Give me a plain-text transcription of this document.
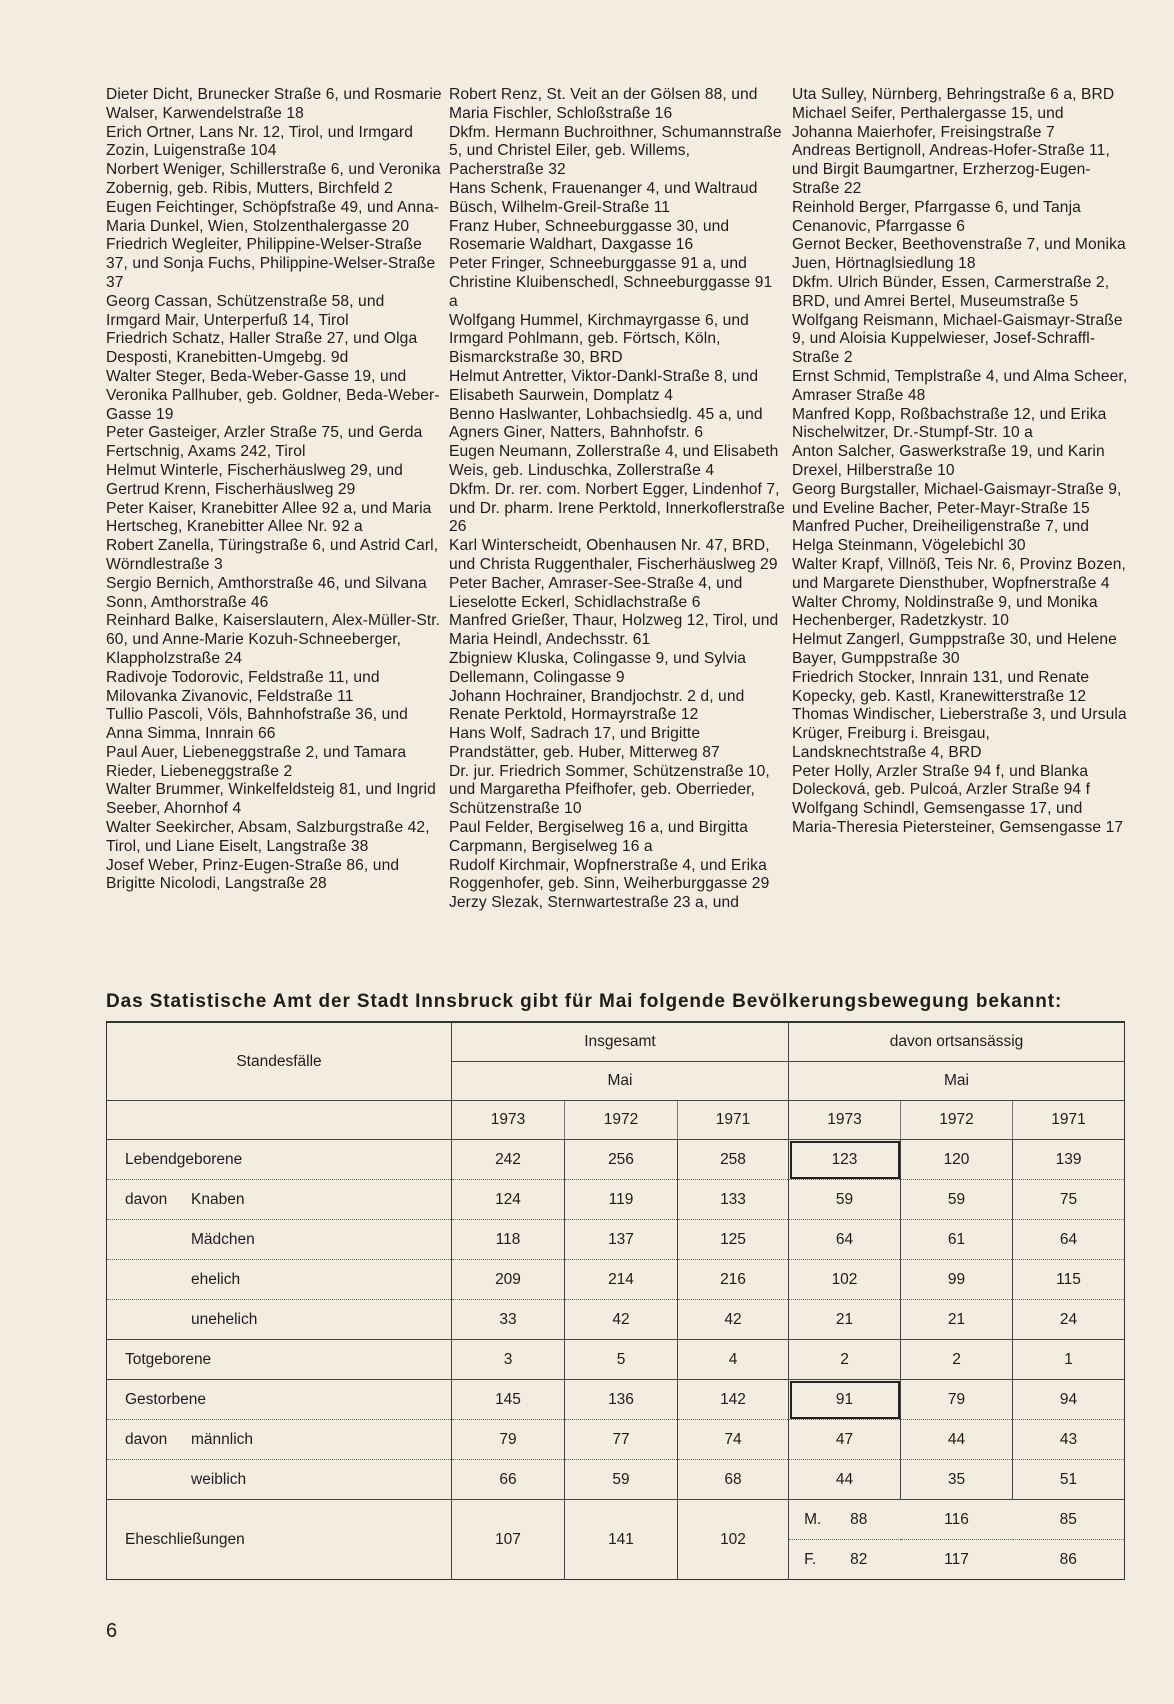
Dieter Dicht, Brunecker Straße 6, und Rosmarie Walser, Karwendelstraße 18
Erich Ortner, Lans Nr. 12, Tirol, und Irmgard Zozin, Luigenstraße 104
Norbert Weniger, Schillerstraße 6, und Veronika Zobernig, geb. Ribis, Mutters, Birchfeld 2
Eugen Feichtinger, Schöpfstraße 49, und Anna-Maria Dunkel, Wien, Stolzenthalergasse 20
Friedrich Wegleiter, Philippine-Welser-Straße 37, und Sonja Fuchs, Philippine-Welser-Straße 37
Georg Cassan, Schützenstraße 58, und Irmgard Mair, Unterperfuß 14, Tirol
Friedrich Schatz, Haller Straße 27, und Olga Desposti, Kranebitten-Umgebg. 9d
Walter Steger, Beda-Weber-Gasse 19, und Veronika Pallhuber, geb. Goldner, Beda-Weber-Gasse 19
Peter Gasteiger, Arzler Straße 75, und Gerda Fertschnig, Axams 242, Tirol
Helmut Winterle, Fischerhäuslweg 29, und Gertrud Krenn, Fischerhäuslweg 29
Peter Kaiser, Kranebitter Allee 92 a, und Maria Hertscheg, Kranebitter Allee Nr. 92 a
Robert Zanella, Türingstraße 6, und Astrid Carl, Wörndlestraße 3
Sergio Bernich, Amthorstraße 46, und Silvana Sonn, Amthorstraße 46
Reinhard Balke, Kaiserslautern, Alex-Müller-Str. 60, und Anne-Marie Kozuh-Schneeberger, Klappholzstraße 24
Radivoje Todorovic, Feldstraße 11, und Milovanka Zivanovic, Feldstraße 11
Tullio Pascoli, Völs, Bahnhofstraße 36, und Anna Simma, Innrain 66
Paul Auer, Liebeneggstraße 2, und Tamara Rieder, Liebeneggstraße 2
Walter Brummer, Winkelfeldsteig 81, und Ingrid Seeber, Ahornhof 4
Walter Seekircher, Absam, Salzburgstraße 42, Tirol, und Liane Eiselt, Langstraße 38
Josef Weber, Prinz-Eugen-Straße 86, und Brigitte Nicolodi, Langstraße 28
Robert Renz, St. Veit an der Gölsen 88, und Maria Fischler, Schloßstraße 16
Dkfm. Hermann Buchroithner, Schumannstraße 5, und Christel Eiler, geb. Willems, Pacherstraße 32
Hans Schenk, Frauenanger 4, und Waltraud Büsch, Wilhelm-Greil-Straße 11
Franz Huber, Schneeburggasse 30, und Rosemarie Waldhart, Daxgasse 16
Peter Fringer, Schneeburggasse 91 a, und Christine Kluibenschedl, Schneeburggasse 91 a
Wolfgang Hummel, Kirchmayrgasse 6, und Irmgard Pohlmann, geb. Förtsch, Köln, Bismarckstraße 30, BRD
Helmut Antretter, Viktor-Dankl-Straße 8, und Elisabeth Saurwein, Domplatz 4
Benno Haslwanter, Lohbachsiedlg. 45 a, und Agners Giner, Natters, Bahnhofstr. 6
Eugen Neumann, Zollerstraße 4, und Elisabeth Weis, geb. Linduschka, Zollerstraße 4
Dkfm. Dr. rer. com. Norbert Egger, Lindenhof 7, und Dr. pharm. Irene Perktold, Innerkoflerstraße 26
Karl Winterscheidt, Obenhausen Nr. 47, BRD, und Christa Ruggenthaler, Fischerhäuslweg 29
Peter Bacher, Amraser-See-Straße 4, und Lieselotte Eckerl, Schidlachstraße 6
Manfred Grießer, Thaur, Holzweg 12, Tirol, und Maria Heindl, Andechsstr. 61
Zbigniew Kluska, Colingasse 9, und Sylvia Dellemann, Colingasse 9
Johann Hochrainer, Brandjochstr. 2 d, und Renate Perktold, Hormayrstraße 12
Hans Wolf, Sadrach 17, und Brigitte Prandstätter, geb. Huber, Mitterweg 87
Dr. jur. Friedrich Sommer, Schützenstraße 10, und Margaretha Pfeifhofer, geb. Oberrieder, Schützenstraße 10
Paul Felder, Bergiselweg 16 a, und Birgitta Carpmann, Bergiselweg 16 a
Rudolf Kirchmair, Wopfnerstraße 4, und Erika Roggenhofer, geb. Sinn, Weiherburggasse 29
Jerzy Slezak, Sternwartestraße 23 a, und
Uta Sulley, Nürnberg, Behringstraße 6 a, BRD
Michael Seifer, Perthalergasse 15, und Johanna Maierhofer, Freisingstraße 7
Andreas Bertignoll, Andreas-Hofer-Straße 11, und Birgit Baumgartner, Erzherzog-Eugen-Straße 22
Reinhold Berger, Pfarrgasse 6, und Tanja Cenanovic, Pfarrgasse 6
Gernot Becker, Beethovenstraße 7, und Monika Juen, Hörtnaglsiedlung 18
Dkfm. Ulrich Bünder, Essen, Carmerstraße 2, BRD, und Amrei Bertel, Museumstraße 5
Wolfgang Reismann, Michael-Gaismayr-Straße 9, und Aloisia Kuppelwieser, Josef-Schraffl-Straße 2
Ernst Schmid, Templstraße 4, und Alma Scheer, Amraser Straße 48
Manfred Kopp, Roßbachstraße 12, und Erika Nischelwitzer, Dr.-Stumpf-Str. 10 a
Anton Salcher, Gaswerkstraße 19, und Karin Drexel, Hilberstraße 10
Georg Burgstaller, Michael-Gaismayr-Straße 9, und Eveline Bacher, Peter-Mayr-Straße 15
Manfred Pucher, Dreiheiligenstraße 7, und Helga Steinmann, Vögelebichl 30
Walter Krapf, Villnöß, Teis Nr. 6, Provinz Bozen, und Margarete Diensthuber, Wopfnerstraße 4
Walter Chromy, Noldinstraße 9, und Monika Hechenberger, Radetzkystr. 10
Helmut Zangerl, Gumppstraße 30, und Helene Bayer, Gumppstraße 30
Friedrich Stocker, Innrain 131, und Renate Kopecky, geb. Kastl, Kranewitterstraße 12
Thomas Windischer, Lieberstraße 3, und Ursula Krüger, Freiburg i. Breisgau, Landsknechtstraße 4, BRD
Peter Holly, Arzler Straße 94 f, und Blanka Dolecková, geb. Pulcoá, Arzler Straße 94 f
Wolfgang Schindl, Gemsengasse 17, und Maria-Theresia Pietersteiner, Gemsengasse 17
Das Statistische Amt der Stadt Innsbruck gibt für Mai folgende Bevölkerungsbewegung bekannt:
Standesfälle	Insgesamt			davon ortsansässig		
	Mai			Mai		
	1973	1972	1971	1973	1972	1971
Lebendgeborene	242	256	258	123	120	139
davon Knaben	124	119	133	59	59	75
Mädchen	118	137	125	64	61	64
ehelich	209	214	216	102	99	115
unehelich	33	42	42	21	21	24
Totgeborene	3	5	4	2	2	1
Gestorbene	145	136	142	91	79	94
davon männlich	79	77	74	47	44	43
weiblich	66	59	68	44	35	51
Eheschließungen	107	141	102	M. 88	116	85
				F. 82	117	86
6
